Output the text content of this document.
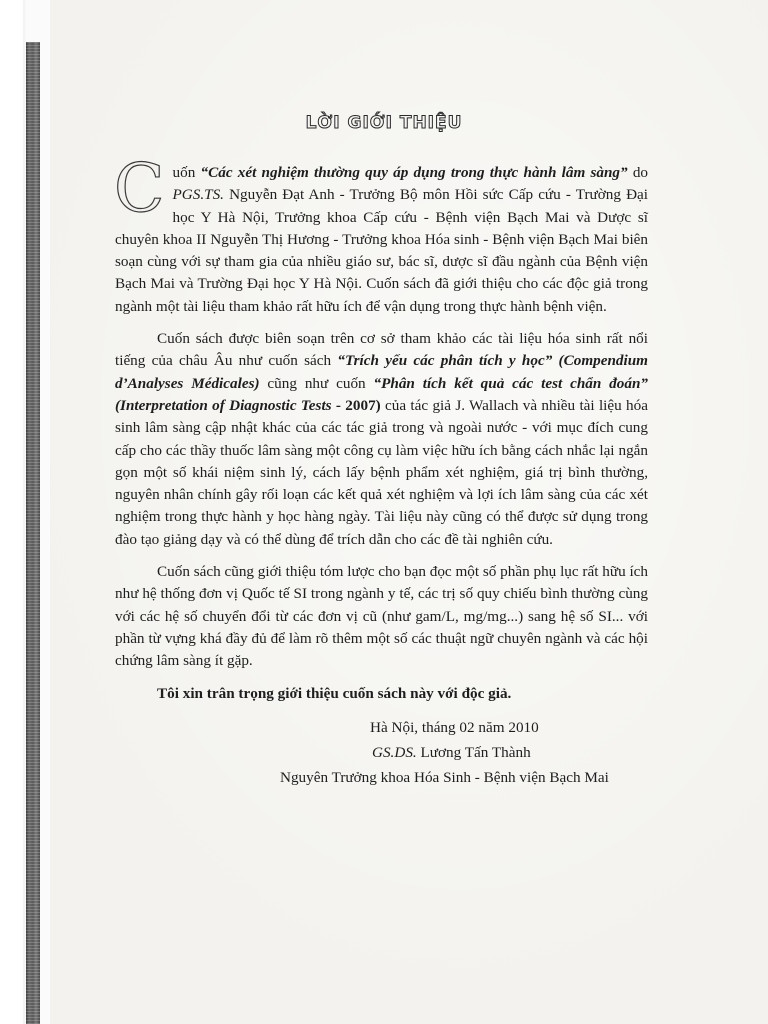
LỜI GIỚI THIỆU

Cuốn “Các xét nghiệm thường quy áp dụng trong thực hành lâm sàng” do PGS.TS. Nguyễn Đạt Anh - Trưởng Bộ môn Hồi sức Cấp cứu - Trường Đại học Y Hà Nội, Trưởng khoa Cấp cứu - Bệnh viện Bạch Mai và Dược sĩ chuyên khoa II Nguyễn Thị Hương - Trưởng khoa Hóa sinh - Bệnh viện Bạch Mai biên soạn cùng với sự tham gia của nhiều giáo sư, bác sĩ, dược sĩ đầu ngành của Bệnh viện Bạch Mai và Trường Đại học Y Hà Nội. Cuốn sách đã giới thiệu cho các độc giả trong ngành một tài liệu tham khảo rất hữu ích để vận dụng trong thực hành bệnh viện.

Cuốn sách được biên soạn trên cơ sở tham khảo các tài liệu hóa sinh rất nổi tiếng của châu Âu như cuốn sách “Trích yếu các phân tích y học” (Compendium d’Analyses Médicales) cũng như cuốn “Phân tích kết quả các test chẩn đoán” (Interpretation of Diagnostic Tests - 2007) của tác giả J. Wallach và nhiều tài liệu hóa sinh lâm sàng cập nhật khác của các tác giả trong và ngoài nước - với mục đích cung cấp cho các thầy thuốc lâm sàng một công cụ làm việc hữu ích bằng cách nhắc lại ngắn gọn một số khái niệm sinh lý, cách lấy bệnh phẩm xét nghiệm, giá trị bình thường, nguyên nhân chính gây rối loạn các kết quả xét nghiệm và lợi ích lâm sàng của các xét nghiệm trong thực hành y học hàng ngày. Tài liệu này cũng có thể được sử dụng trong đào tạo giảng dạy và có thể dùng để trích dẫn cho các đề tài nghiên cứu.

Cuốn sách cũng giới thiệu tóm lược cho bạn đọc một số phần phụ lục rất hữu ích như hệ thống đơn vị Quốc tế SI trong ngành y tế, các trị số quy chiếu bình thường cùng với các hệ số chuyển đổi từ các đơn vị cũ (như gam/L, mg/mg...) sang hệ số SI... với phần từ vựng khá đầy đủ để làm rõ thêm một số các thuật ngữ chuyên ngành và các hội chứng lâm sàng ít gặp.

Tôi xin trân trọng giới thiệu cuốn sách này với độc giả.

Hà Nội, tháng 02 năm 2010
GS.DS. Lương Tấn Thành
Nguyên Trưởng khoa Hóa Sinh - Bệnh viện Bạch Mai
